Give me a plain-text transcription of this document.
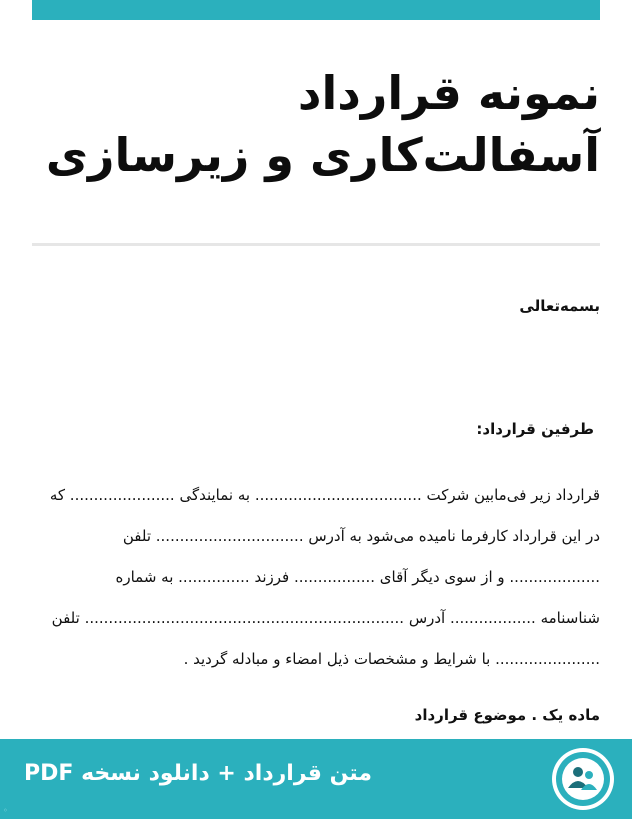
نمونه قرارداد
آسفالت‌کاری و زیرسازی
بسمه‌تعالی
طرفین قرارداد:
قرارداد زیر فی‌مابین شرکت ................................... به نمایندگی ...................... که
در این قرارداد کارفرما نامیده می‌شود به آدرس ............................... تلفن
................... و از سوی دیگر آقای ................. فرزند ............... به شماره
شناسنامه .................. آدرس ................................................................... تلفن
...................... با شرایط و مشخصات ذیل امضاء و مبادله گردید .
ماده یک . موضوع قرارداد
متن قرارداد + دانلود نسخه PDF
◦
